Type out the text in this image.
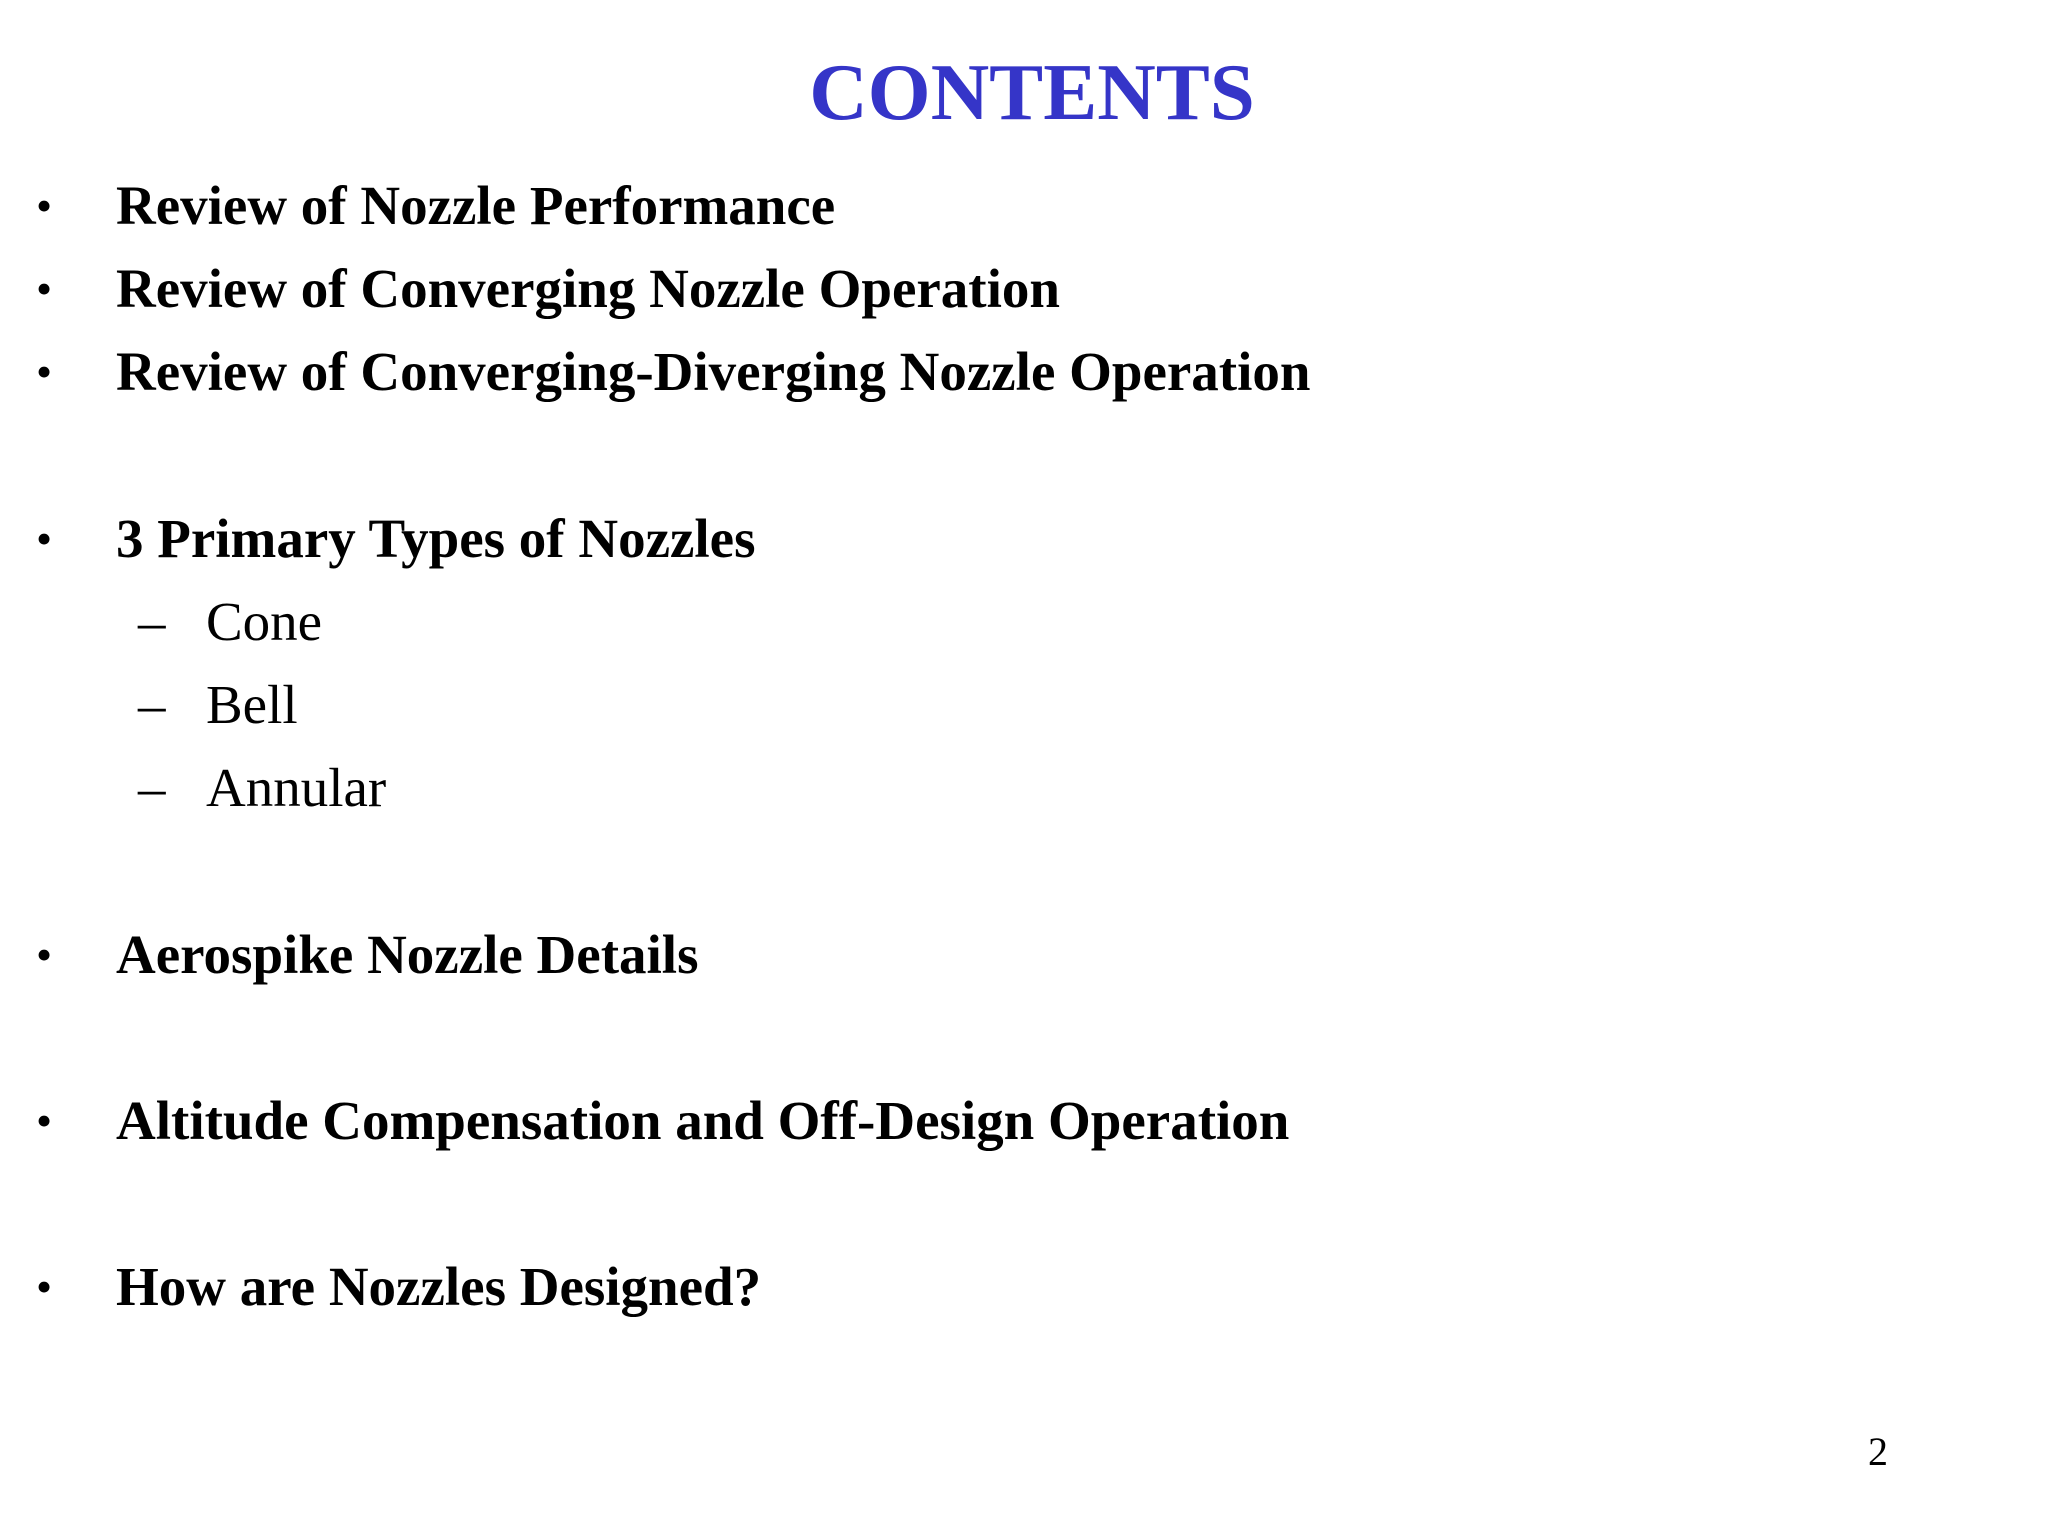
CONTENTS
• Review of Nozzle Performance
• Review of Converging Nozzle Operation
• Review of Converging-Diverging Nozzle Operation
• 3 Primary Types of Nozzles
– Cone
– Bell
– Annular
• Aerospike Nozzle Details
• Altitude Compensation and Off-Design Operation
• How are Nozzles Designed?
2
